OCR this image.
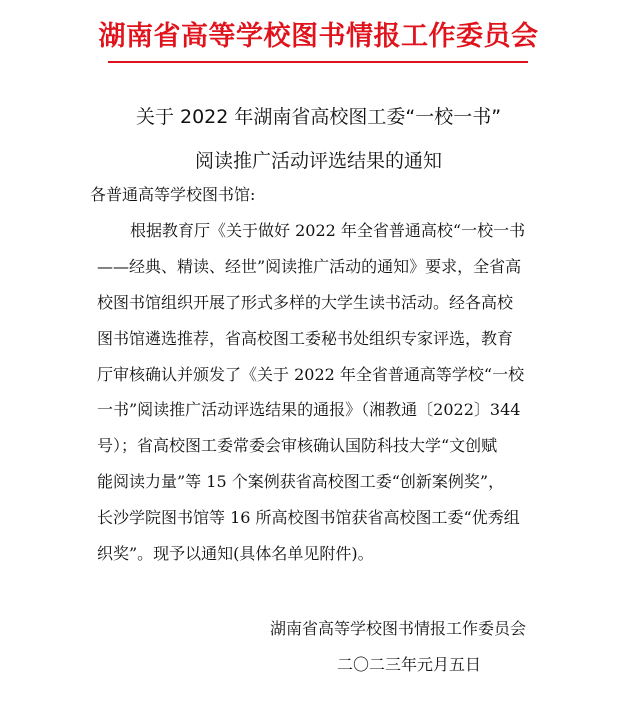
湖南省高等学校图书情报工作委员会
关于 2022 年湖南省高校图工委“一校一书”
阅读推广活动评选结果的通知
各普通高等学校图书馆:
根据教育厅《关于做好 2022 年全省普通高校“一校一书
——经典、精读、经世”阅读推广活动的通知》要求，全省高
校图书馆组织开展了形式多样的大学生读书活动。经各高校
图书馆遴选推荐，省高校图工委秘书处组织专家评选，教育
厅审核确认并颁发了《关于 2022 年全省普通高等学校“一校
一书”阅读推广活动评选结果的通报》（湘教通〔2022〕344
号）；省高校图工委常委会审核确认国防科技大学“文创赋
能阅读力量”等 15 个案例获省高校图工委“创新案例奖”，
长沙学院图书馆等 16 所高校图书馆获省高校图工委“优秀组
织奖”。现予以通知(具体名单见附件)。
湖南省高等学校图书情报工作委员会
二〇二三年元月五日
